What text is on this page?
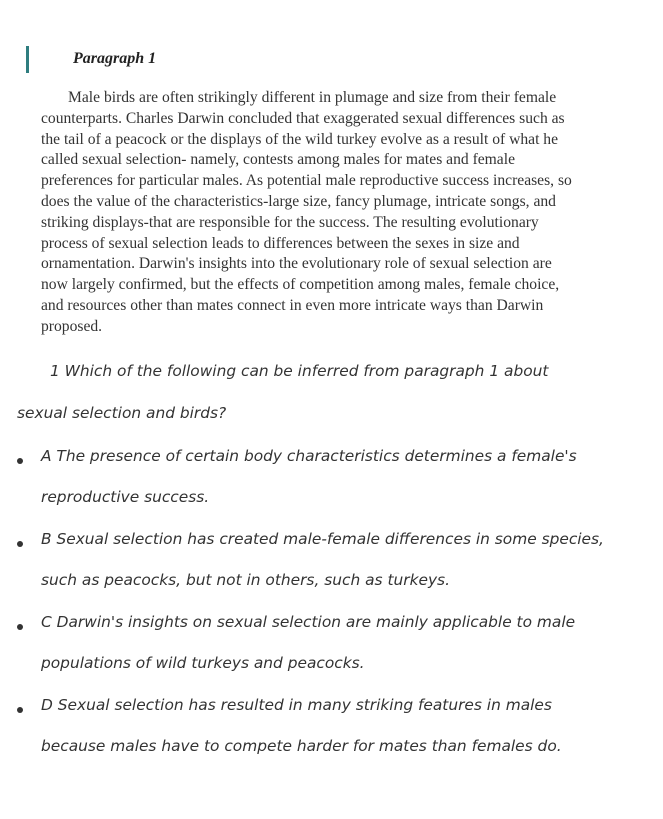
Paragraph 1
Male birds are often strikingly different in plumage and size from their female
counterparts. Charles Darwin concluded that exaggerated sexual differences such as
the tail of a peacock or the displays of the wild turkey evolve as a result of what he
called sexual selection- namely, contests among males for mates and female
preferences for particular males. As potential male reproductive success increases, so
does the value of the characteristics-large size, fancy plumage, intricate songs, and
striking displays-that are responsible for the success. The resulting evolutionary
process of sexual selection leads to differences between the sexes in size and
ornamentation. Darwin's insights into the evolutionary role of sexual selection are
now largely confirmed, but the effects of competition among males, female choice,
and resources other than mates connect in even more intricate ways than Darwin
proposed.
1 Which of the following can be inferred from paragraph 1 about
sexual selection and birds?
A The presence of certain body characteristics determines a female's
reproductive success.
B Sexual selection has created male-female differences in some species,
such as peacocks, but not in others, such as turkeys.
C Darwin's insights on sexual selection are mainly applicable to male
populations of wild turkeys and peacocks.
D Sexual selection has resulted in many striking features in males
because males have to compete harder for mates than females do.
